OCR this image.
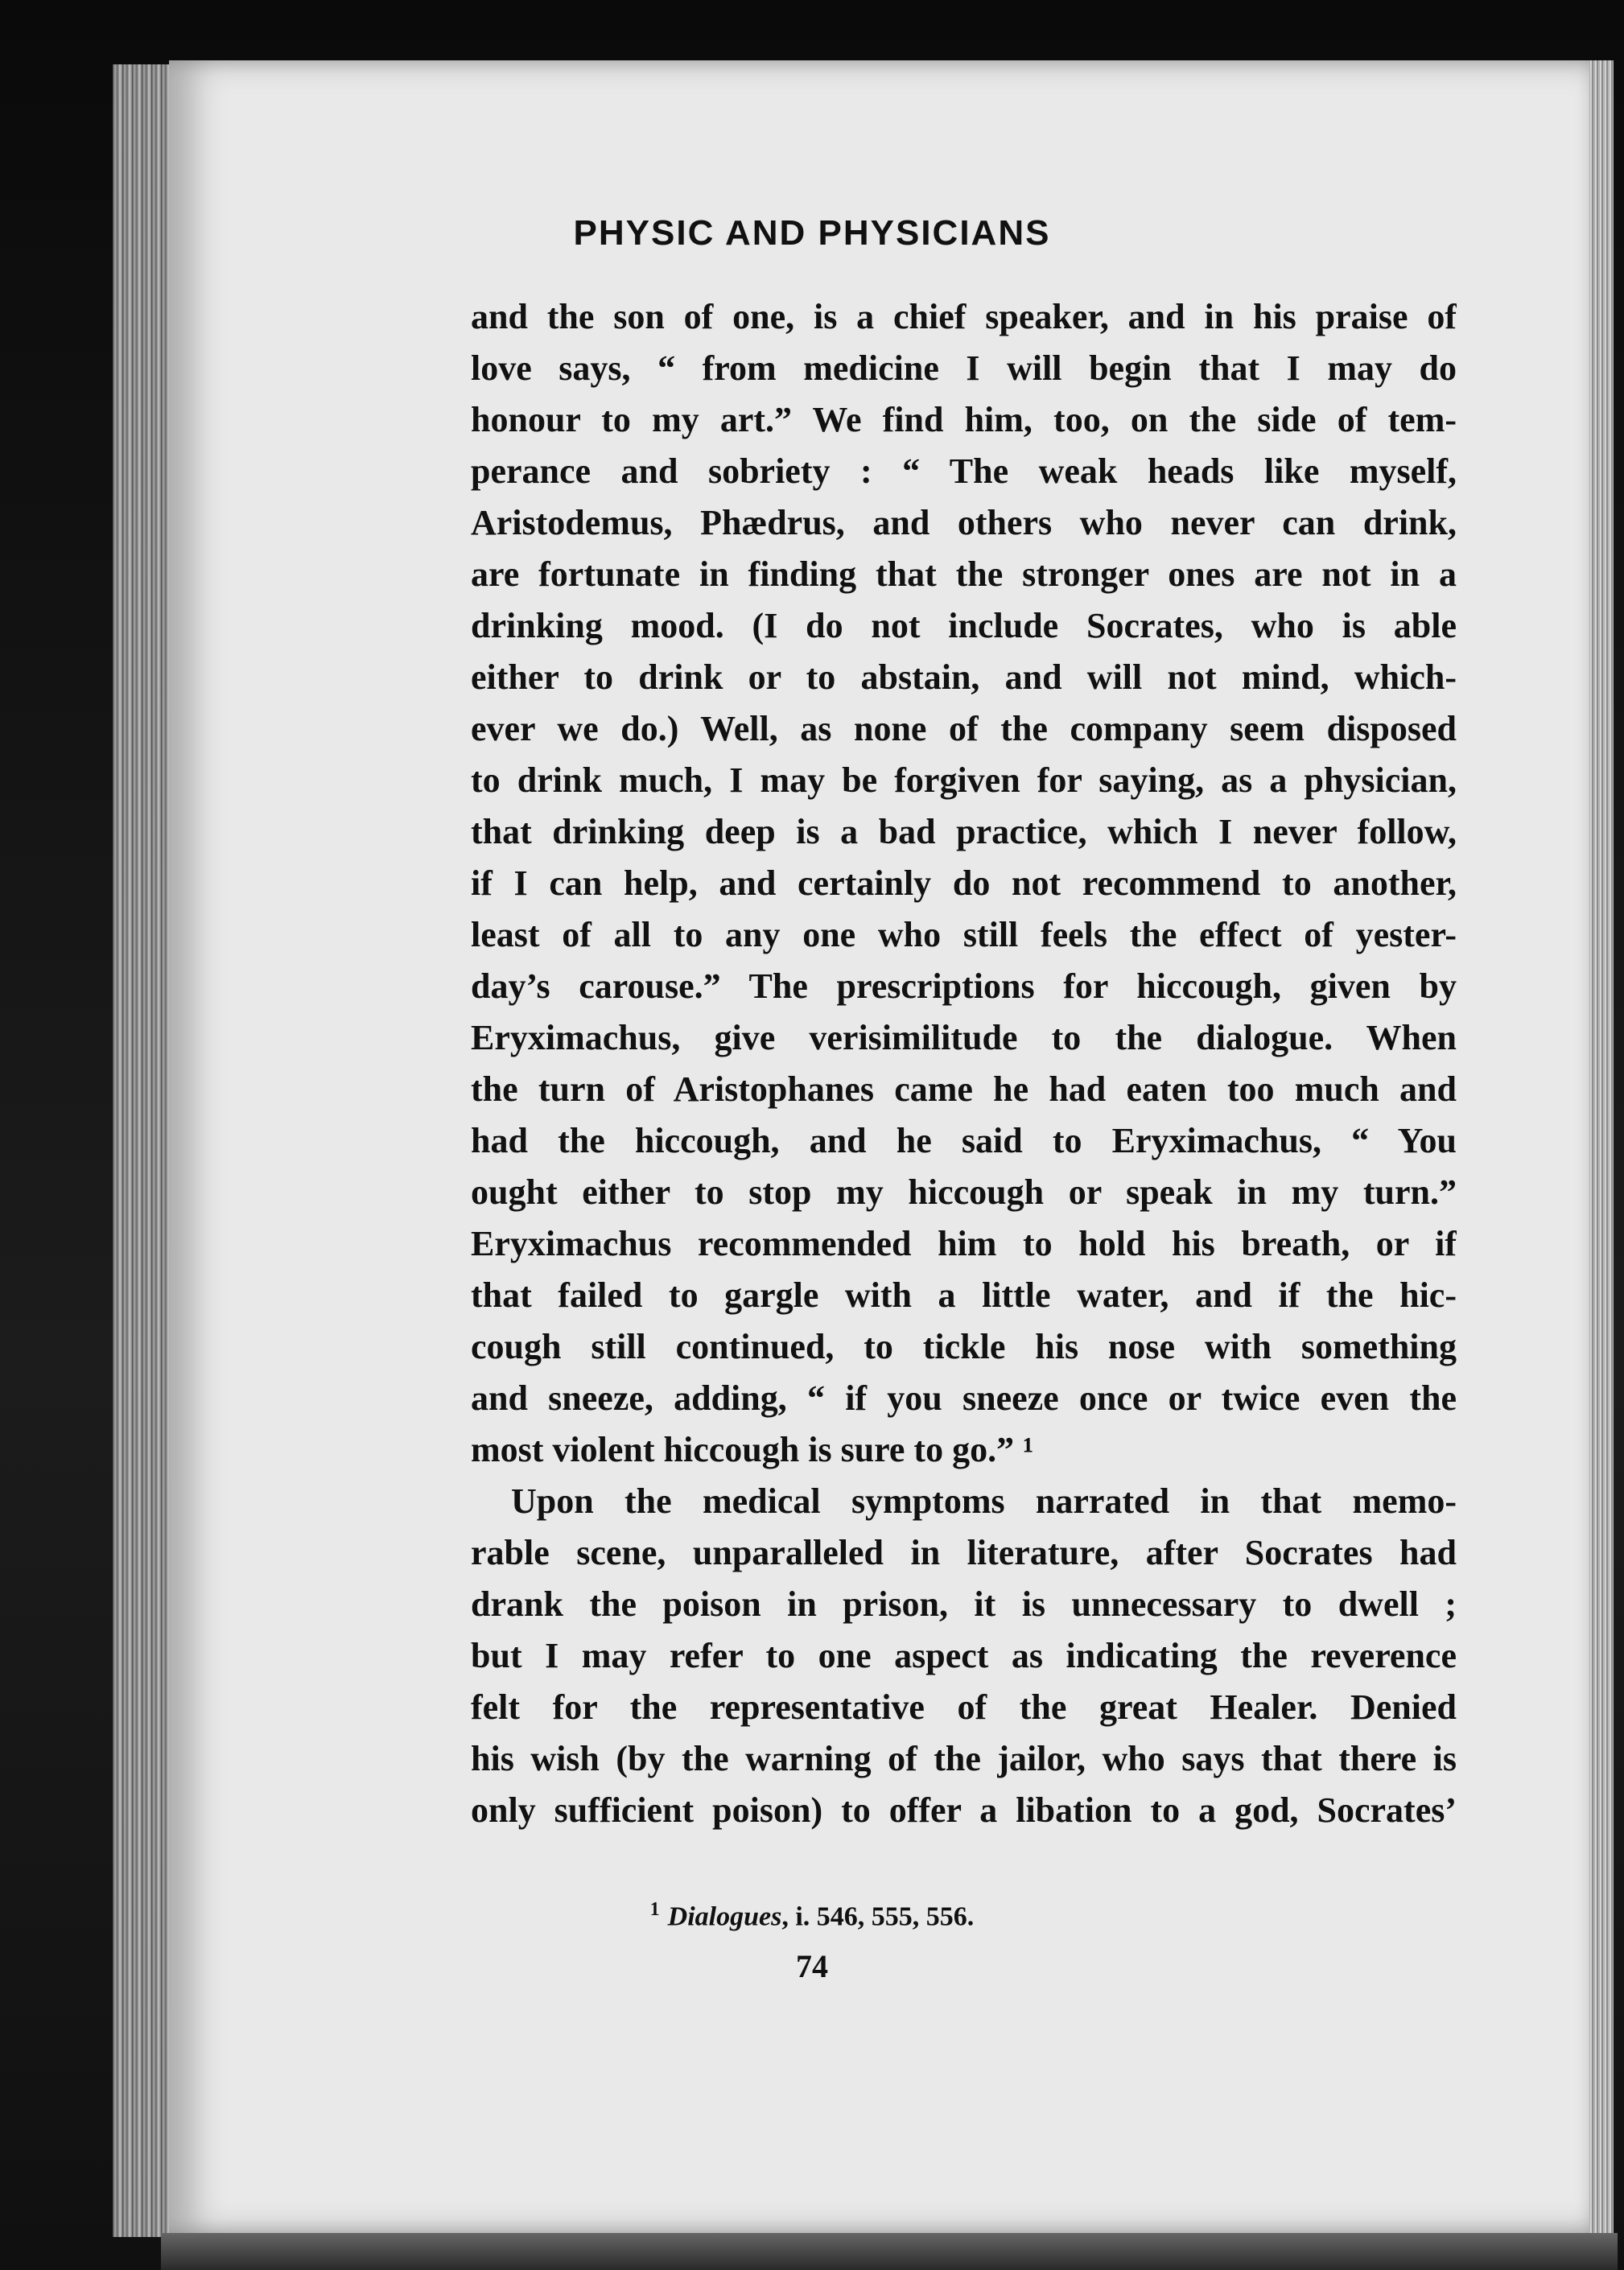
PHYSIC AND PHYSICIANS
and the son of one, is a chief speaker, and in his praise of
love says, “ from medicine I will begin that I may do
honour to my art.” We find him, too, on the side of tem-
perance and sobriety : “ The weak heads like myself,
Aristodemus, Phædrus, and others who never can drink,
are fortunate in finding that the stronger ones are not in a
drinking mood. (I do not include Socrates, who is able
either to drink or to abstain, and will not mind, which-
ever we do.) Well, as none of the company seem disposed
to drink much, I may be forgiven for saying, as a physician,
that drinking deep is a bad practice, which I never follow,
if I can help, and certainly do not recommend to another,
least of all to any one who still feels the effect of yester-
day’s carouse.” The prescriptions for hiccough, given by
Eryximachus, give verisimilitude to the dialogue. When
the turn of Aristophanes came he had eaten too much and
had the hiccough, and he said to Eryximachus, “ You
ought either to stop my hiccough or speak in my turn.”
Eryximachus recommended him to hold his breath, or if
that failed to gargle with a little water, and if the hic-
cough still continued, to tickle his nose with something
and sneeze, adding, “ if you sneeze once or twice even the
most violent hiccough is sure to go.” ¹
Upon the medical symptoms narrated in that memo-
rable scene, unparalleled in literature, after Socrates had
drank the poison in prison, it is unnecessary to dwell ;
but I may refer to one aspect as indicating the reverence
felt for the representative of the great Healer. Denied
his wish (by the warning of the jailor, who says that there is
only sufficient poison) to offer a libation to a god, Socrates’
$^1$ Dialogues, i. 546, 555, 556.
74
